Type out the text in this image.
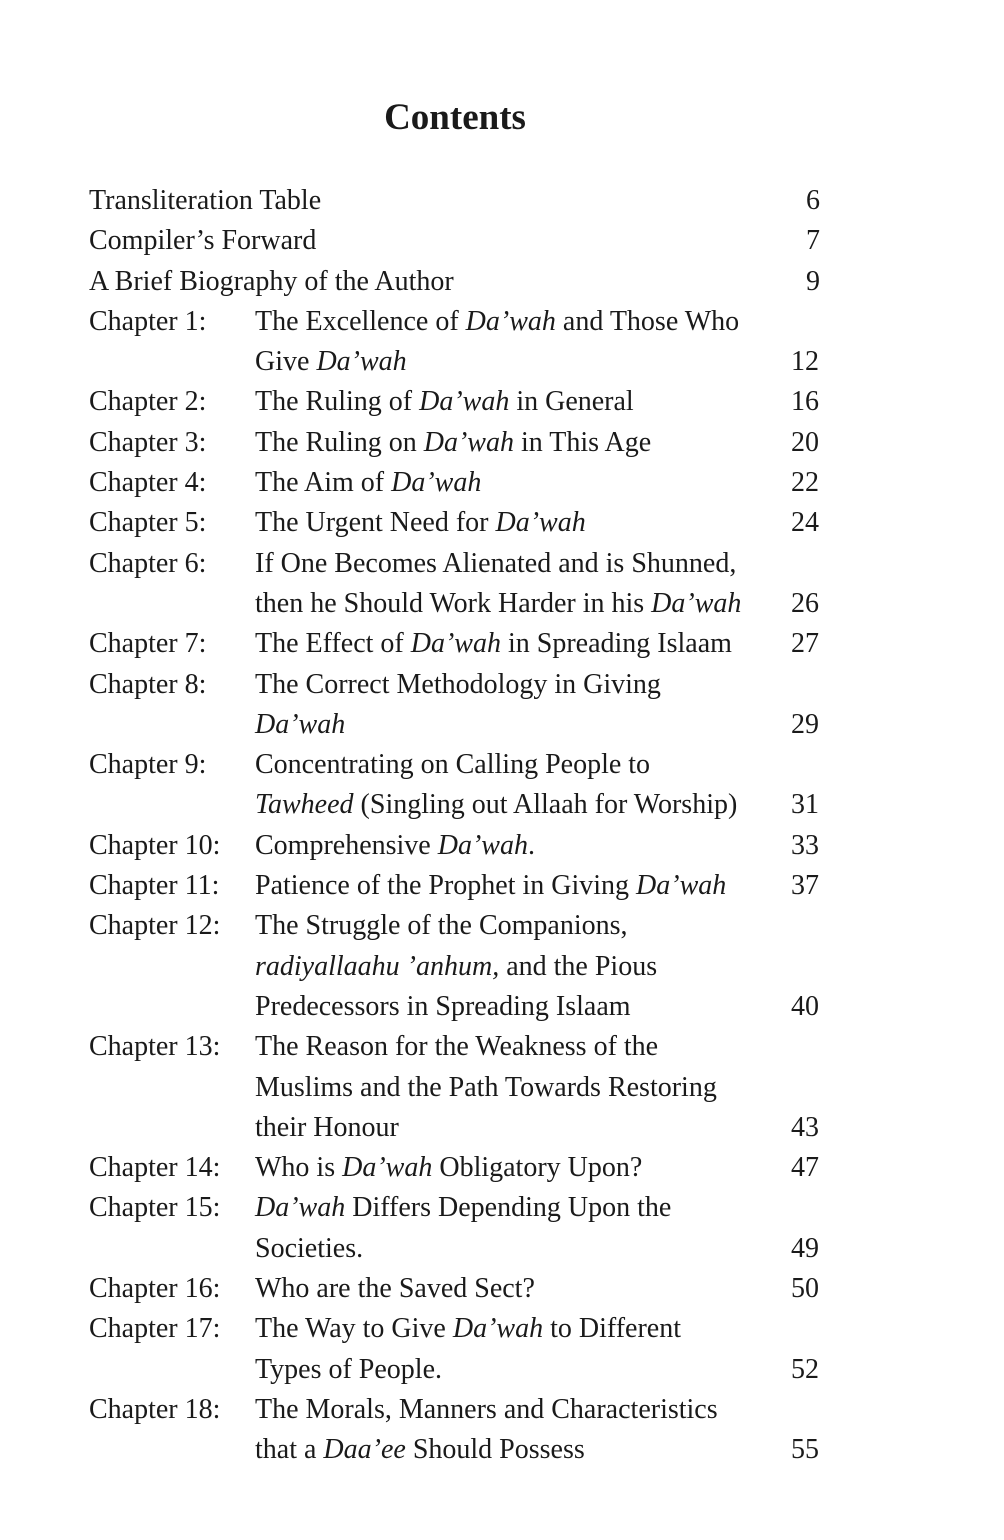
Contents
Transliteration Table	6
Compiler’s Forward	7
A Brief Biography of the Author	9
Chapter 1: The Excellence of Da’wah and Those Who
Give Da’wah	12
Chapter 2: The Ruling of Da’wah in General	16
Chapter 3: The Ruling on Da’wah in This Age	20
Chapter 4: The Aim of Da’wah	22
Chapter 5: The Urgent Need for Da’wah	24
Chapter 6: If One Becomes Alienated and is Shunned,
then he Should Work Harder in his Da’wah 26
Chapter 7: The Effect of Da’wah in Spreading Islaam 27
Chapter 8: The Correct Methodology in Giving
Da’wah	29
Chapter 9: Concentrating on Calling People to
Tawheed (Singling out Allaah for Worship) 31
Chapter 10: Comprehensive Da’wah.	33
Chapter 11: Patience of the Prophet in Giving Da’wah 37
Chapter 12: The Struggle of the Companions,
radiyallaahu ’anhum, and the Pious
Predecessors in Spreading Islaam	40
Chapter 13: The Reason for the Weakness of the
Muslims and the Path Towards Restoring
their Honour	43
Chapter 14: Who is Da’wah Obligatory Upon?	47
Chapter 15: Da’wah Differs Depending Upon the
Societies.	49
Chapter 16: Who are the Saved Sect?	50
Chapter 17: The Way to Give Da’wah to Different
Types of People.	52
Chapter 18: The Morals, Manners and Characteristics
that a Daa’ee Should Possess	55
